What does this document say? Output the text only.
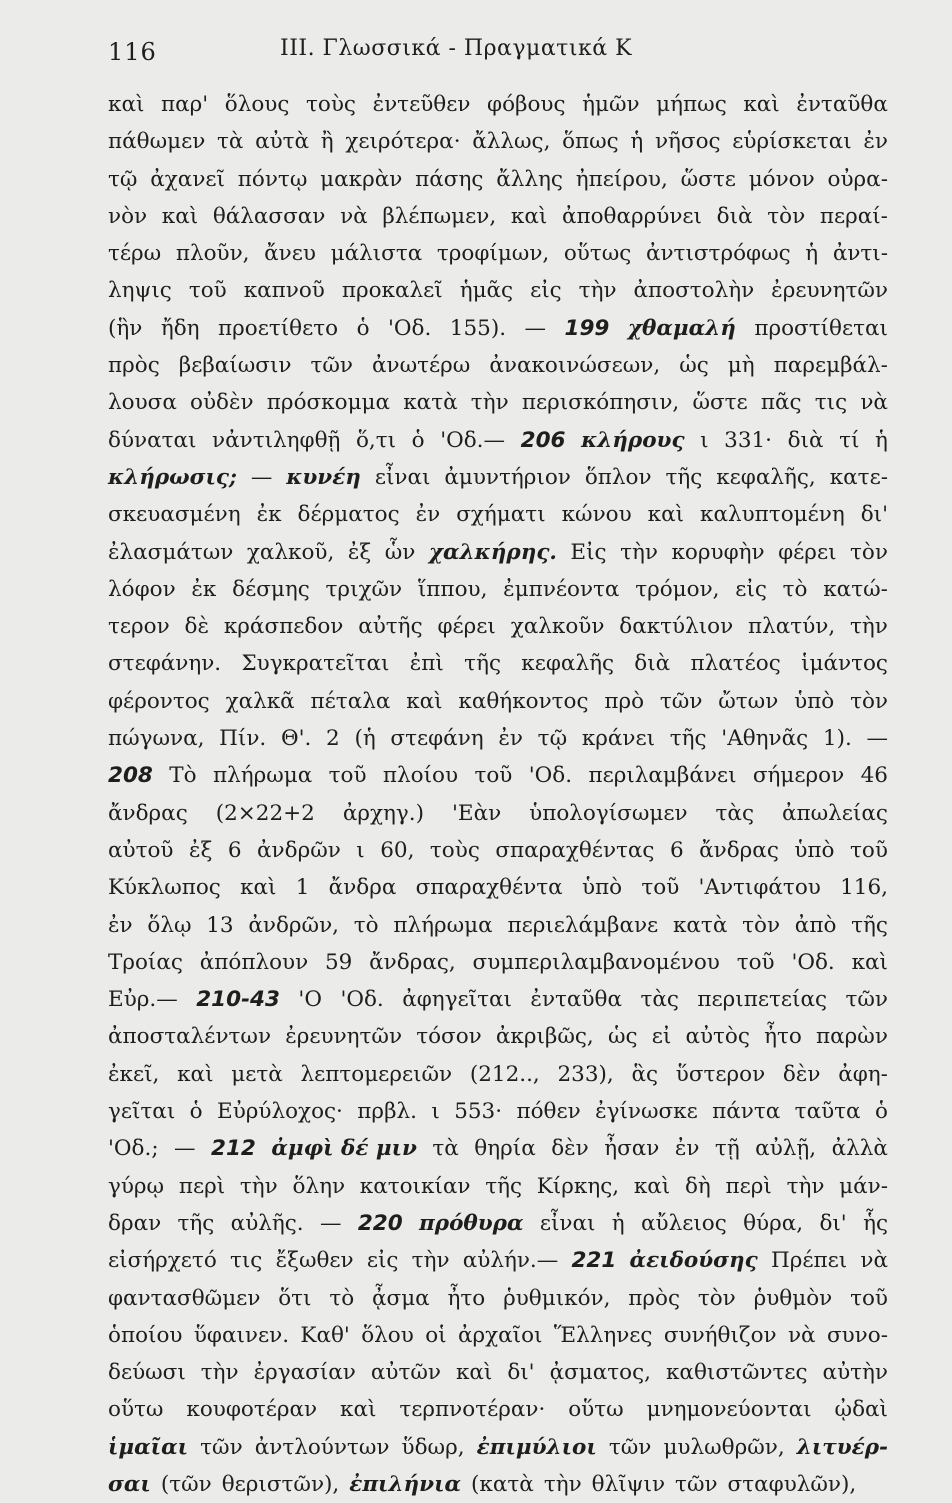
116	III. Γλωσσικά - Πραγματικά Κ
καὶ παρ' ὅλους τοὺς ἐντεῦθεν φόβους ἡμῶν μήπως καὶ ἐνταῦθα
πάθωμεν τὰ αὐτὰ ἢ χειρότερα· ἄλλως, ὅπως ἡ νῆσος εὑρίσκεται ἐν
τῷ ἀχανεῖ πόντῳ μακρὰν πάσης ἄλλης ἠπείρου, ὥστε μόνον οὐρα-
νὸν καὶ θάλασσαν νὰ βλέπωμεν, καὶ ἀποθαρρύνει διὰ τὸν περαί-
τέρω πλοῦν, ἄνευ μάλιστα τροφίμων, οὕτως ἀντιστρόφως ἡ ἀντι-
ληψις τοῦ καπνοῦ προκαλεῖ ἡμᾶς εἰς τὴν ἀποστολὴν ἐρευνητῶν
(ἣν ἤδη προετίθετο ὁ 'Οδ. 155). — 199 χθαμαλή προστίθεται
πρὸς βεβαίωσιν τῶν ἀνωτέρω ἀνακοινώσεων, ὡς μὴ παρεμβάλ-
λουσα οὐδὲν πρόσκομμα κατὰ τὴν περισκόπησιν, ὥστε πᾶς τις νὰ
δύναται νἀντιληφθῇ ὅ,τι ὁ 'Οδ.— 206 κλήρους ι 331· διὰ τί ἡ
κλήρωσις; — κυνέη εἶναι ἀμυντήριον ὅπλον τῆς κεφαλῆς, κατε-
σκευασμένη ἐκ δέρματος ἐν σχήματι κώνου καὶ καλυπτομένη δι'
ἐλασμάτων χαλκοῦ, ἐξ ὧν χαλκήρης. Εἰς τὴν κορυφὴν φέρει τὸν
λόφον ἐκ δέσμης τριχῶν ἵππου, ἐμπνέοντα τρόμον, εἰς τὸ κατώ-
τερον δὲ κράσπεδον αὐτῆς φέρει χαλκοῦν δακτύλιον πλατύν, τὴν
στεφάνην. Συγκρατεῖται ἐπὶ τῆς κεφαλῆς διὰ πλατέος ἱμάντος
φέροντος χαλκᾶ πέταλα καὶ καθήκοντος πρὸ τῶν ὤτων ὑπὸ τὸν
πώγωνα, Πίν. Θ'. 2 (ἡ στεφάνη ἐν τῷ κράνει τῆς 'Αθηνᾶς 1). —
208 Τὸ πλήρωμα τοῦ πλοίου τοῦ 'Οδ. περιλαμβάνει σήμερον 46
ἄνδρας (2×22+2 ἀρχηγ.) 'Εὰν ὑπολογίσωμεν τὰς ἀπωλείας
αὐτοῦ ἐξ 6 ἀνδρῶν ι 60, τοὺς σπαραχθέντας 6 ἄνδρας ὑπὸ τοῦ
Κύκλωπος καὶ 1 ἄνδρα σπαραχθέντα ὑπὸ τοῦ 'Αντιφάτου 116,
ἐν ὅλῳ 13 ἀνδρῶν, τὸ πλήρωμα περιελάμβανε κατὰ τὸν ἀπὸ τῆς
Τροίας ἀπόπλουν 59 ἄνδρας, συμπεριλαμβανομένου τοῦ 'Οδ. καὶ
Εὐρ.— 210-43 'Ο 'Οδ. ἀφηγεῖται ἐνταῦθα τὰς περιπετείας τῶν
ἀποσταλέντων ἐρευνητῶν τόσον ἀκριβῶς, ὡς εἰ αὐτὸς ἦτο παρὼν
ἐκεῖ, καὶ μετὰ λεπτομερειῶν (212.., 233), ἃς ὕστερον δὲν ἀφη-
γεῖται ὁ Εὐρύλοχος· πρβλ. ι 553· πόθεν ἐγίνωσκε πάντα ταῦτα ὁ
'Οδ.; — 212 ἀμφὶ δέ μιν τὰ θηρία δὲν ἦσαν ἐν τῇ αὐλῇ, ἀλλὰ
γύρῳ περὶ τὴν ὅλην κατοικίαν τῆς Κίρκης, καὶ δὴ περὶ τὴν μάν-
δραν τῆς αὐλῆς. — 220 πρόθυρα εἶναι ἡ αὔλειος θύρα, δι' ἧς
εἰσήρχετό τις ἔξωθεν εἰς τὴν αὐλήν.— 221 ἀειδούσης Πρέπει νὰ
φαντασθῶμεν ὅτι τὸ ᾆσμα ἦτο ῥυθμικόν, πρὸς τὸν ῥυθμὸν τοῦ
ὁποίου ὕφαινεν. Καθ' ὅλου οἱ ἀρχαῖοι Ἕλληνες συνήθιζον νὰ συνο-
δεύωσι τὴν ἐργασίαν αὐτῶν καὶ δι' ᾀσματος, καθιστῶντες αὐτὴν
οὕτω κουφοτέραν καὶ τερπνοτέραν· οὕτω μνημονεύονται ᾠδαὶ
ἱμαῖαι τῶν ἀντλούντων ὕδωρ, ἐπιμύλιοι τῶν μυλωθρῶν, λιτυέρ-
σαι (τῶν θεριστῶν), ἐπιλήνια (κατὰ τὴν θλῖψιν τῶν σταφυλῶν),
